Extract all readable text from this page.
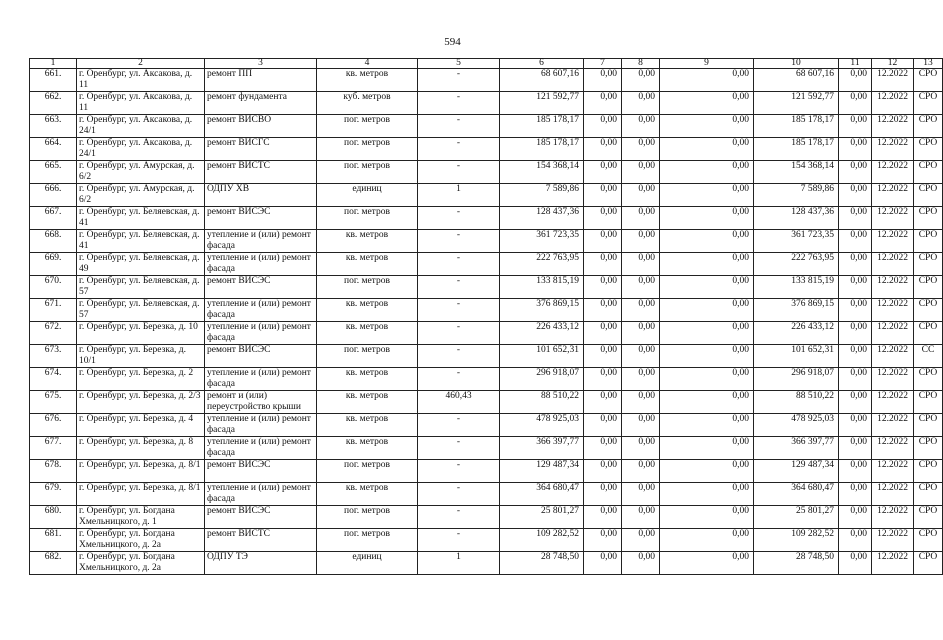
594
1	2	3	4	5	6	7	8	9	10	11	12	13
661.	г. Оренбург, ул. Аксакова, д. 11	ремонт ПП	кв. метров	-	68 607,16	0,00	0,00	0,00	68 607,16	0,00	12.2022	СРО
662.	г. Оренбург, ул. Аксакова, д. 11	ремонт фундамента	куб. метров	-	121 592,77	0,00	0,00	0,00	121 592,77	0,00	12.2022	СРО
663.	г. Оренбург, ул. Аксакова, д. 24/1	ремонт ВИСВО	пог. метров	-	185 178,17	0,00	0,00	0,00	185 178,17	0,00	12.2022	СРО
664.	г. Оренбург, ул. Аксакова, д. 24/1	ремонт ВИСГС	пог. метров	-	185 178,17	0,00	0,00	0,00	185 178,17	0,00	12.2022	СРО
665.	г. Оренбург, ул. Амурская, д. 6/2	ремонт ВИСТС	пог. метров	-	154 368,14	0,00	0,00	0,00	154 368,14	0,00	12.2022	СРО
666.	г. Оренбург, ул. Амурская, д. 6/2	ОДПУ ХВ	единиц	1	7 589,86	0,00	0,00	0,00	7 589,86	0,00	12.2022	СРО
667.	г. Оренбург, ул. Беляевская, д. 41	ремонт ВИСЭС	пог. метров	-	128 437,36	0,00	0,00	0,00	128 437,36	0,00	12.2022	СРО
668.	г. Оренбург, ул. Беляевская, д. 41	утепление и (или) ремонт фасада	кв. метров	-	361 723,35	0,00	0,00	0,00	361 723,35	0,00	12.2022	СРО
669.	г. Оренбург, ул. Беляевская, д. 49	утепление и (или) ремонт фасада	кв. метров	-	222 763,95	0,00	0,00	0,00	222 763,95	0,00	12.2022	СРО
670.	г. Оренбург, ул. Беляевская, д. 57	ремонт ВИСЭС	пог. метров	-	133 815,19	0,00	0,00	0,00	133 815,19	0,00	12.2022	СРО
671.	г. Оренбург, ул. Беляевская, д. 57	утепление и (или) ремонт фасада	кв. метров	-	376 869,15	0,00	0,00	0,00	376 869,15	0,00	12.2022	СРО
672.	г. Оренбург, ул. Березка, д. 10	утепление и (или) ремонт фасада	кв. метров	-	226 433,12	0,00	0,00	0,00	226 433,12	0,00	12.2022	СРО
673.	г. Оренбург, ул. Березка, д. 10/1	ремонт ВИСЭС	пог. метров	-	101 652,31	0,00	0,00	0,00	101 652,31	0,00	12.2022	СС
674.	г. Оренбург, ул. Березка, д. 2	утепление и (или) ремонт фасада	кв. метров	-	296 918,07	0,00	0,00	0,00	296 918,07	0,00	12.2022	СРО
675.	г. Оренбург, ул. Березка, д. 2/3	ремонт и (или) переустройство крыши	кв. метров	460,43	88 510,22	0,00	0,00	0,00	88 510,22	0,00	12.2022	СРО
676.	г. Оренбург, ул. Березка, д. 4	утепление и (или) ремонт фасада	кв. метров	-	478 925,03	0,00	0,00	0,00	478 925,03	0,00	12.2022	СРО
677.	г. Оренбург, ул. Березка, д. 8	утепление и (или) ремонт фасада	кв. метров	-	366 397,77	0,00	0,00	0,00	366 397,77	0,00	12.2022	СРО
678.	г. Оренбург, ул. Березка, д. 8/1	ремонт ВИСЭС	пог. метров	-	129 487,34	0,00	0,00	0,00	129 487,34	0,00	12.2022	СРО
679.	г. Оренбург, ул. Березка, д. 8/1	утепление и (или) ремонт фасада	кв. метров	-	364 680,47	0,00	0,00	0,00	364 680,47	0,00	12.2022	СРО
680.	г. Оренбург, ул. Богдана Хмельницкого, д. 1	ремонт ВИСЭС	пог. метров	-	25 801,27	0,00	0,00	0,00	25 801,27	0,00	12.2022	СРО
681.	г. Оренбург, ул. Богдана Хмельницкого, д. 2а	ремонт ВИСТС	пог. метров	-	109 282,52	0,00	0,00	0,00	109 282,52	0,00	12.2022	СРО
682.	г. Оренбург, ул. Богдана Хмельницкого, д. 2а	ОДПУ ТЭ	единиц	1	28 748,50	0,00	0,00	0,00	28 748,50	0,00	12.2022	СРО
